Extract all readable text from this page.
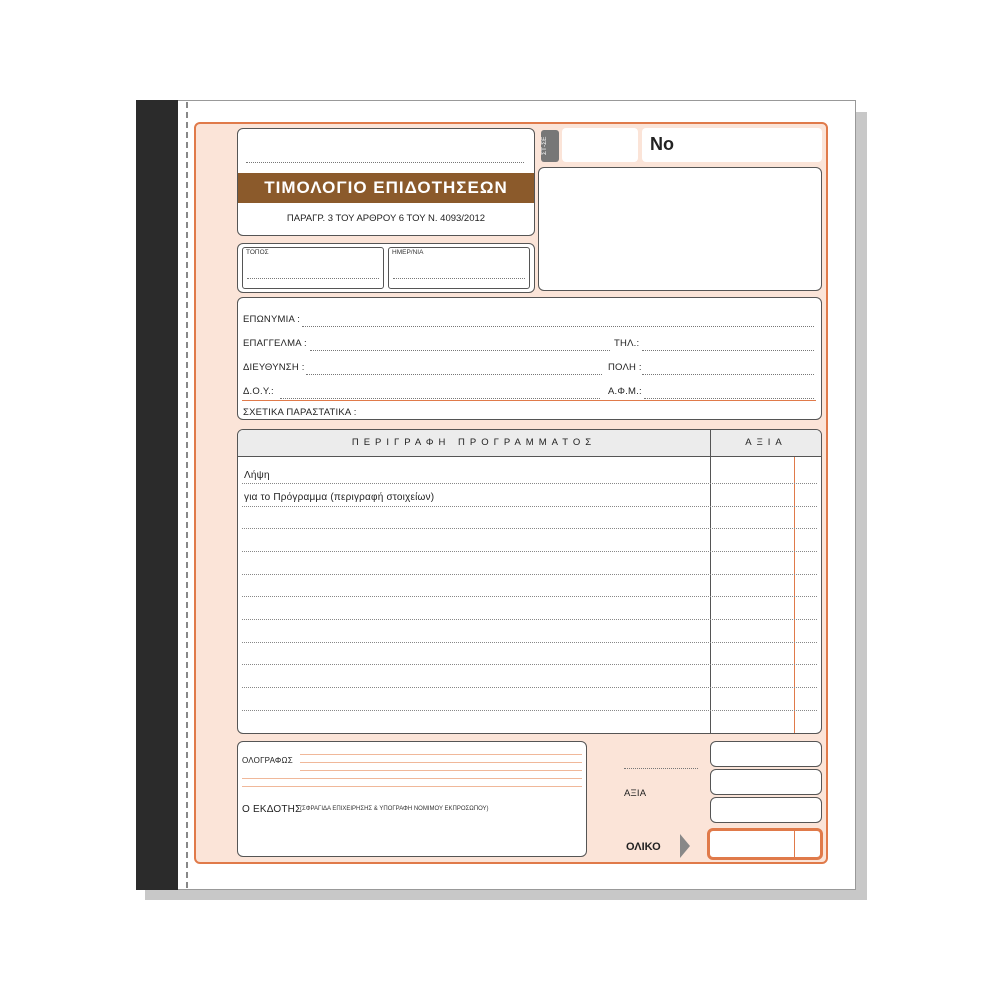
ΤΙΜΟΛΟΓΙΟ ΕΠΙΔΟΤΗΣΕΩΝ
ΠΑΡΑΓΡ. 3 ΤΟΥ ΑΡΘΡΟΥ 6 ΤΟΥ Ν. 4093/2012
ΣΤ-ΣΕ	No
ΤΟΠΟΣ	ΗΜΕΡ/ΝΙΑ
ΕΠΩΝΥΜΙΑ :
ΕΠΑΓΓΕΛΜΑ :	ΤΗΛ.:
ΔΙΕΥΘΥΝΣΗ :	ΠΟΛΗ :
Δ.Ο.Υ.:	Α.Φ.Μ.:
ΣΧΕΤΙΚΑ ΠΑΡΑΣΤΑΤΙΚΑ :
ΠΕΡΙΓΡΑΦΗ ΠΡΟΓΡΑΜΜΑΤΟΣ	ΑΞΙΑ
Λήψη
για το Πρόγραμμα (περιγραφή στοιχείων)
ΟΛΟΓΡΑΦΩΣ
Ο ΕΚΔΟΤΗΣ
(ΣΦΡΑΓΙΔΑ ΕΠΙΧΕΙΡΗΣΗΣ & ΥΠΟΓΡΑΦΗ ΝΟΜΙΜΟΥ ΕΚΠΡΟΣΩΠΟΥ)
ΑΞΙΑ
ΟΛΙΚΟ
